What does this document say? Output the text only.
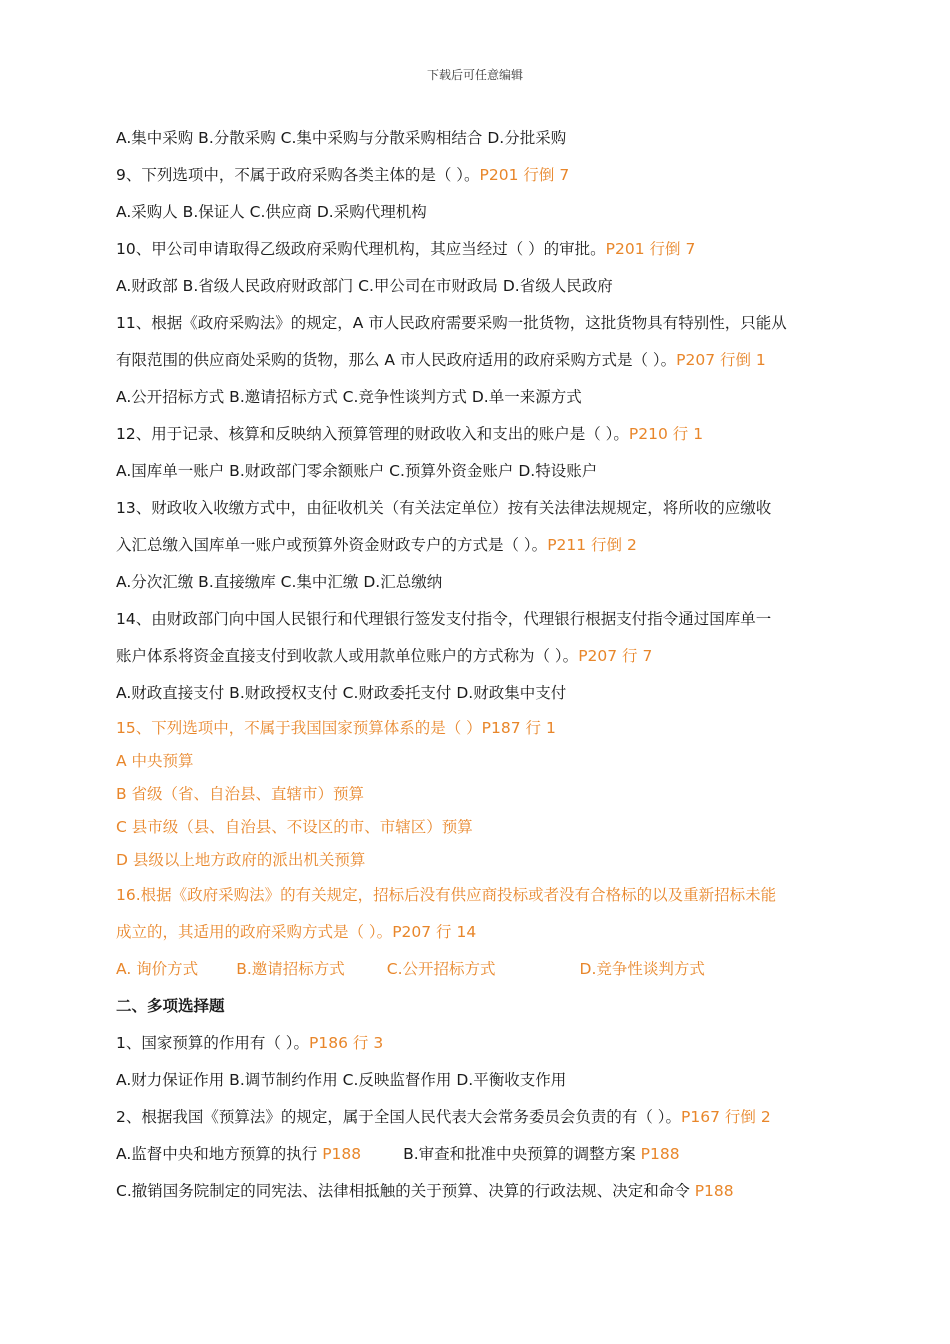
下载后可任意编辑
A.集中采购 B.分散采购 C.集中采购与分散采购相结合 D.分批采购
9、下列选项中，不属于政府采购各类主体的是（ ）。P201 行倒 7
A.采购人 B.保证人 C.供应商 D.采购代理机构
10、甲公司申请取得乙级政府采购代理机构，其应当经过（ ）的审批。P201 行倒 7
A.财政部 B.省级人民政府财政部门 C.甲公司在市财政局 D.省级人民政府
11、根据《政府采购法》的规定，A 市人民政府需要采购一批货物，这批货物具有特别性，只能从
有限范围的供应商处采购的货物，那么 A 市人民政府适用的政府采购方式是（ ）。P207 行倒 1
A.公开招标方式 B.邀请招标方式 C.竞争性谈判方式 D.单一来源方式
12、用于记录、核算和反映纳入预算管理的财政收入和支出的账户是（ ）。P210 行 1
A.国库单一账户 B.财政部门零余额账户 C.预算外资金账户 D.特设账户
13、财政收入收缴方式中，由征收机关（有关法定单位）按有关法律法规规定，将所收的应缴收
入汇总缴入国库单一账户或预算外资金财政专户的方式是（ ）。P211 行倒 2
A.分次汇缴 B.直接缴库 C.集中汇缴 D.汇总缴纳
14、由财政部门向中国人民银行和代理银行签发支付指令，代理银行根据支付指令通过国库单一
账户体系将资金直接支付到收款人或用款单位账户的方式称为（ ）。P207 行 7
A.财政直接支付 B.财政授权支付 C.财政委托支付 D.财政集中支付
15、下列选项中，不属于我国国家预算体系的是（ ）P187 行 1
A 中央预算
B 省级（省、自治县、直辖市）预算
C 县市级（县、自治县、不设区的市、市辖区）预算
D 县级以上地方政府的派出机关预算
16.根据《政府采购法》的有关规定，招标后没有供应商投标或者没有合格标的以及重新招标未能
成立的，其适用的政府采购方式是（ ）。P207 行 14
A. 询价方式 B.邀请招标方式	C.公开招标方式	D.竞争性谈判方式
二、多项选择题
1、国家预算的作用有（ ）。P186 行 3
A.财力保证作用 B.调节制约作用 C.反映监督作用 D.平衡收支作用
2、根据我国《预算法》的规定，属于全国人民代表大会常务委员会负责的有（ ）。P167 行倒 2
A.监督中央和地方预算的执行 P188	B.审查和批准中央预算的调整方案 P188
C.撤销国务院制定的同宪法、法律相抵触的关于预算、决算的行政法规、决定和命令 P188
